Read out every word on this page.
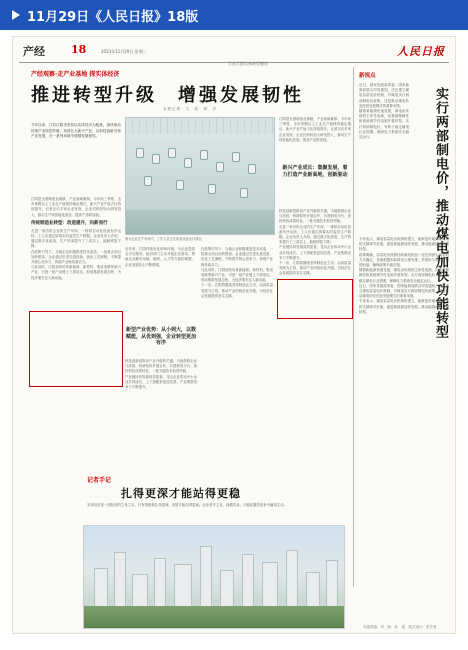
11月29日《人民日报》18版
产经 18	2023年11月29日 星期三	人民日报
产经观察·走产业基地 探实体经济
江苏江阴实体转型观察
推进转型升级　增强发展韧性
本报记者　王　伟　刘　洋
今年以来，江苏江阴市坚持以实体经济为根基，加快推动传统产业转型升级，培育壮大新兴产业，以科技创新引领产业发展，在一系列举措中增强发展韧性。
江阴是全国制造业重镇，产业基础雄厚。今年前三季度，全市规模以上工业总产值保持稳定增长，新兴产业产值占比持续提升。记者走访多家企业发现，企业们纷纷加大研发投入，推动生产线智能化改造，提高产品附加值。
传统制造业转型：改造提升，向新而行
走进一家纺织企业的生产车间，一排排自动化设备有序运转，工人们通过屏幕实时监控生产数据。企业负责人介绍，通过数字化改造，生产效率提升了三成以上，能耗明显下降。
在政策引导下，当地企业积极推进技术改造，一批重点项目加快建设。企业通过引进先进设备、优化工艺流程，不断提升核心竞争力，传统产业焕发新活力。
与此同时，江阴加快培育新能源、新材料、集成电路等新兴产业，引进一批产业链上下游项目，形成集群发展态势，为经济增长注入新动能。
图为企业生产车间内，工作人员正在检查设备运行情况。
近年来，江阴持续优化营商环境，为企业提供全方位服务。政府部门主动对接企业需求，帮助企业解决用地、融资、人才等方面的难题，企业发展信心不断增强。
新型产业优势：从小到大，以数赋能，从优到强，企业转型更加有序
科技创新是推动产业升级的关键。当地鼓励企业与高校、科研院所开展合作，共建研发平台，加快科技成果转化，一批关键技术取得突破。
产业链协同发展成效显著。龙头企业带动中小企业共同成长，上下游配套更加完善，产业集群竞争力不断提升。
在政策引导下，当地企业积极推进技术改造，一批重点项目加快建设。企业通过引进先进设备、优化工艺流程，不断提升核心竞争力，传统产业焕发新活力。
与此同时，江阴加快培育新能源、新材料、集成电路等新兴产业，引进一批产业链上下游项目，形成集群发展态势，为经济增长注入新动能。
下一步，江阴将继续坚持制造业立市，以高质量发展为主线，推动产业结构优化升级，为经济社会发展提供坚实支撑。
新兴产业成长：集聚发展，着力打造产业新高地，创新驱动
江阴是全国制造业重镇，产业基础雄厚。今年前三季度，全市规模以上工业总产值保持稳定增长，新兴产业产值占比持续提升。记者走访多家企业发现，企业们纷纷加大研发投入，推动生产线智能化改造，提高产品附加值。
科技创新是推动产业升级的关键。当地鼓励企业与高校、科研院所开展合作，共建研发平台，加快科技成果转化，一批关键技术取得突破。
走进一家纺织企业的生产车间，一排排自动化设备有序运转，工人们通过屏幕实时监控生产数据。企业负责人介绍，通过数字化改造，生产效率提升了三成以上，能耗明显下降。
产业链协同发展成效显著。龙头企业带动中小企业共同成长，上下游配套更加完善，产业集群竞争力不断提升。
下一步，江阴将继续坚持制造业立市，以高质量发展为主线，推动产业结构优化升级，为经济社会发展提供坚实支撑。
记者手记
扎得更深才能站得更稳
实体经济是一国经济的立身之本。只有把根基扎得更深，发展才能站得更稳。企业坚守主业、深耕实业，才能在激烈竞争中赢得主动。
新视点
实行两部制电价，推动煤电加快功能转型
近日，国家发展改革委、国家能源局联合印发通知，决定建立煤电容量电价机制，对煤电实行两部制电价政策。这是推动煤电转变经营发展模式的重要举措。
随着新能源快速发展，煤电由传统的主体性电源，向基础保障性和系统调节性电源并重转型。实行两部制电价，有利于稳定煤电行业预期，保障电力系统安全稳定运行。
专家表示，煤电容量电价机制的建立，能够更好地体现煤电的支撑调节价值，促进新能源加快发展，推动能源绿色低碳转型。
政策明确，容量电价按照回收煤电机组一定比例固定成本的方式确定，各地根据实际情况合理安排，并做好与电力市场的衔接，确保政策平稳实施。
随着新能源快速发展，煤电由传统的主体性电源，向基础保障性和系统调节性电源并重转型。实行两部制电价，有利于稳定煤电行业预期，保障电力系统安全稳定运行。
近日，国家发展改革委、国家能源局联合印发通知，决定建立煤电容量电价机制，对煤电实行两部制电价政策。这是推动煤电转变经营发展模式的重要举措。
专家表示，煤电容量电价机制的建立，能够更好地体现煤电的支撑调节价值，促进新能源加快发展，推动能源绿色低碳转型。
本版责编：刘　畅　孙　超　版式设计：张芳曼
